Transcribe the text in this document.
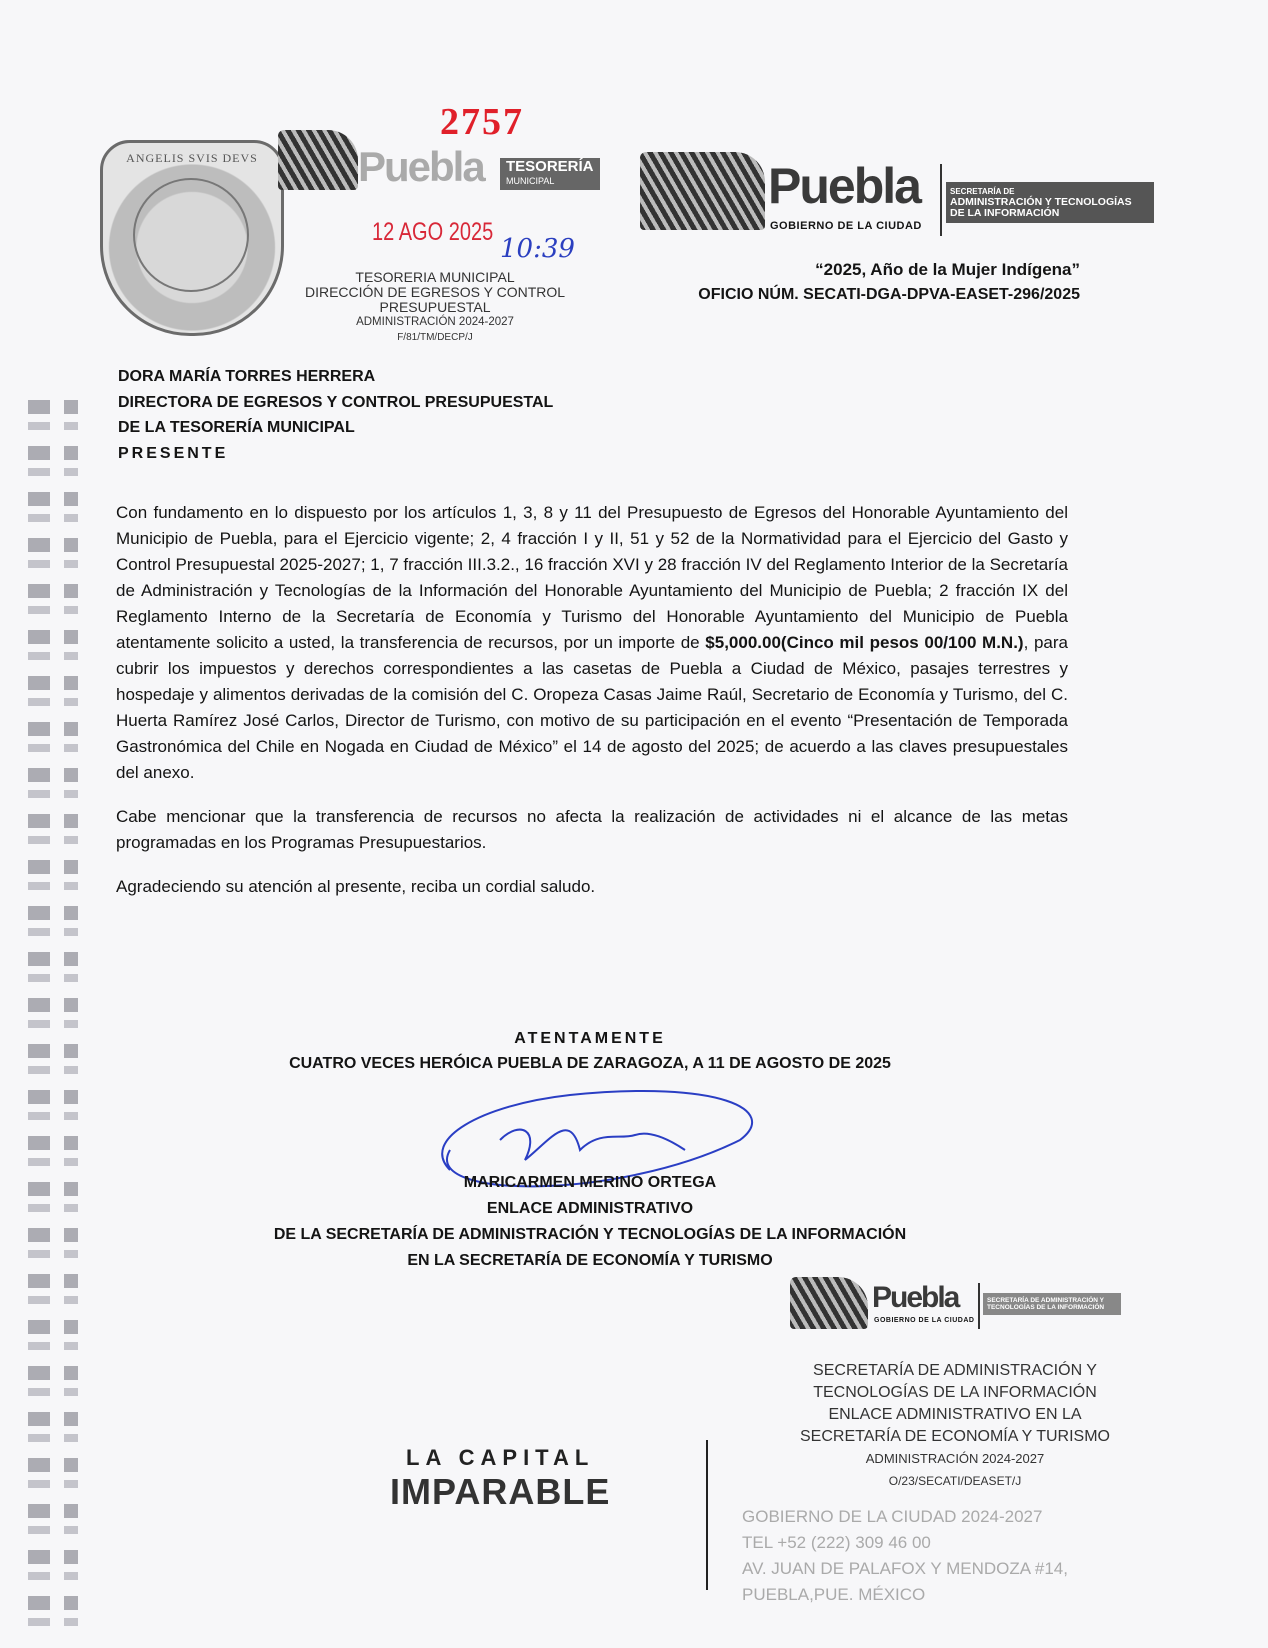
ANGELIS SVIS DEVS
2757
Puebla	TESORERÍA
MUNICIPAL
12 AGO 2025
10:39
TESORERIA MUNICIPAL
DIRECCIÓN DE EGRESOS Y CONTROL
PRESUPUESTAL
ADMINISTRACIÓN 2024-2027
F/81/TM/DECP/J
Puebla
GOBIERNO DE LA CIUDAD
SECRETARÍA DE
ADMINISTRACIÓN Y TECNOLOGÍAS
DE LA INFORMACIÓN
“2025, Año de la Mujer Indígena”
OFICIO NÚM. SECATI-DGA-DPVA-EASET-296/2025
DORA MARÍA TORRES HERRERA
DIRECTORA DE EGRESOS Y CONTROL PRESUPUESTAL
DE LA TESORERÍA MUNICIPAL
PRESENTE

Con fundamento en lo dispuesto por los artículos 1, 3, 8 y 11 del Presupuesto de Egresos del Honorable Ayuntamiento del Municipio de Puebla, para el Ejercicio vigente; 2, 4 fracción I y II, 51 y 52 de la Normatividad para el Ejercicio del Gasto y Control Presupuestal 2025-2027; 1, 7 fracción III.3.2., 16 fracción XVI y 28 fracción IV del Reglamento Interior de la Secretaría de Administración y Tecnologías de la Información del Honorable Ayuntamiento del Municipio de Puebla; 2 fracción IX del Reglamento Interno de la Secretaría de Economía y Turismo del Honorable Ayuntamiento del Municipio de Puebla atentamente solicito a usted, la transferencia de recursos, por un importe de $5,000.00(Cinco mil pesos 00/100 M.N.), para cubrir los impuestos y derechos correspondientes a las casetas de Puebla a Ciudad de México, pasajes terrestres y hospedaje y alimentos derivadas de la comisión del C. Oropeza Casas Jaime Raúl, Secretario de Economía y Turismo, del C. Huerta Ramírez José Carlos, Director de Turismo, con motivo de su participación en el evento “Presentación de Temporada Gastronómica del Chile en Nogada en Ciudad de México” el 14 de agosto del 2025; de acuerdo a las claves presupuestales del anexo.

Cabe mencionar que la transferencia de recursos no afecta la realización de actividades ni el alcance de las metas programadas en los Programas Presupuestarios.

Agradeciendo su atención al presente, reciba un cordial saludo.

ATENTAMENTE
CUATRO VECES HERÓICA PUEBLA DE ZARAGOZA, A 11 DE AGOSTO DE 2025
MARICARMEN MERINO ORTEGA
ENLACE ADMINISTRATIVO
DE LA SECRETARÍA DE ADMINISTRACIÓN Y TECNOLOGÍAS DE LA INFORMACIÓN
EN LA SECRETARÍA DE ECONOMÍA Y TURISMO
Puebla
GOBIERNO DE LA CIUDAD
SECRETARÍA DE ADMINISTRACIÓN Y TECNOLOGÍAS DE LA INFORMACIÓN
SECRETARÍA DE ADMINISTRACIÓN Y
TECNOLOGÍAS DE LA INFORMACIÓN
ENLACE ADMINISTRATIVO EN LA
SECRETARÍA DE ECONOMÍA Y TURISMO
ADMINISTRACIÓN 2024-2027
O/23/SECATI/DEASET/J
LA CAPITAL
IMPARABLE
GOBIERNO DE LA CIUDAD 2024-2027
TEL +52 (222) 309 46 00
AV. JUAN DE PALAFOX Y MENDOZA #14,
PUEBLA,PUE. MÉXICO
